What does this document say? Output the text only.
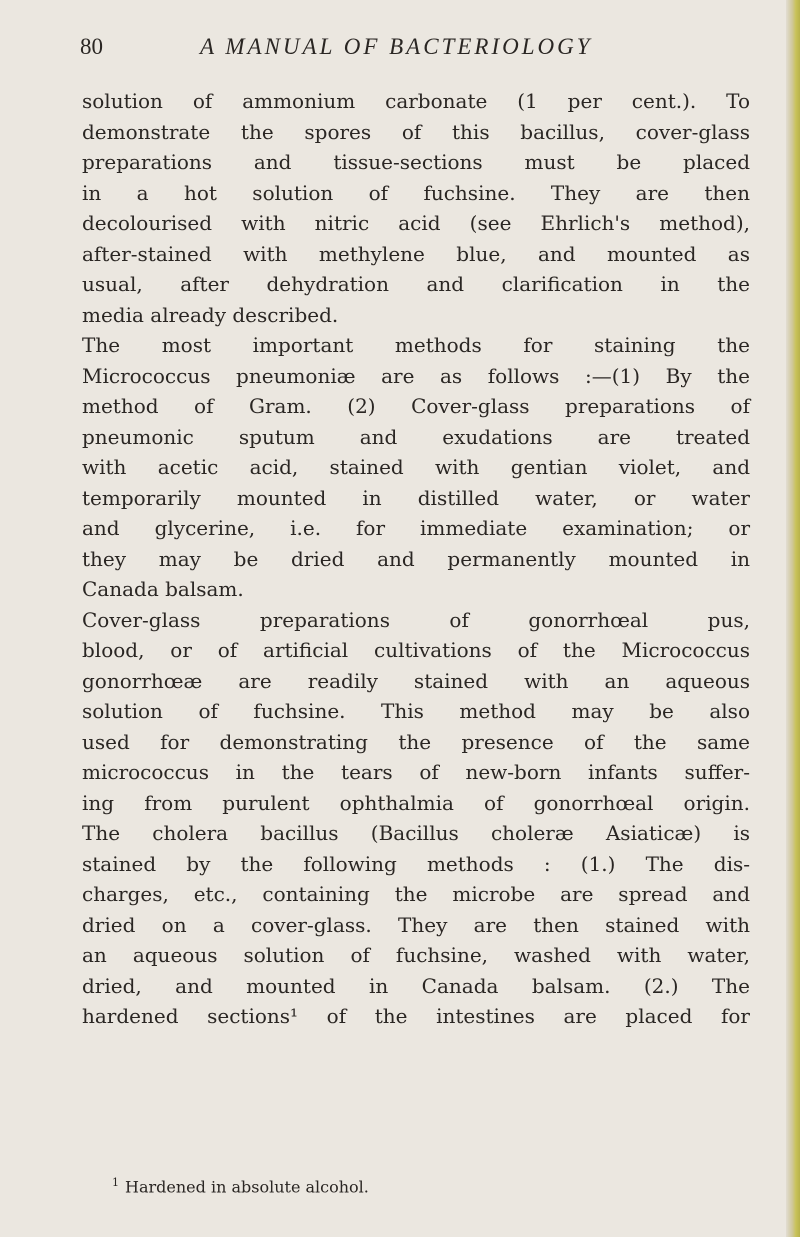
80	A MANUAL OF BACTERIOLOGY
solution of ammonium carbonate (1 per cent.). To
demonstrate the spores of this bacillus, cover-glass
preparations and tissue-sections must be placed
in a hot solution of fuchsine. They are then
decolourised with nitric acid (see Ehrlich's method),
after-stained with methylene blue, and mounted as
usual, after dehydration and clarification in the
media already described.
The most important methods for staining the
Micrococcus pneumoniæ are as follows :—(1) By the
method of Gram. (2) Cover-glass preparations of
pneumonic sputum and exudations are treated
with acetic acid, stained with gentian violet, and
temporarily mounted in distilled water, or water
and glycerine, i.e. for immediate examination; or
they may be dried and permanently mounted in
Canada balsam.
Cover-glass preparations of gonorrhœal pus,
blood, or of artificial cultivations of the Micrococcus
gonorrhœæ are readily stained with an aqueous
solution of fuchsine. This method may be also
used for demonstrating the presence of the same
micrococcus in the tears of new-born infants suffer-
ing from purulent ophthalmia of gonorrhœal origin.
The cholera bacillus (Bacillus choleræ Asiaticæ) is
stained by the following methods : (1.) The dis-
charges, etc., containing the microbe are spread and
dried on a cover-glass. They are then stained with
an aqueous solution of fuchsine, washed with water,
dried, and mounted in Canada balsam. (2.) The
hardened sections¹ of the intestines are placed for
$^1$ Hardened in absolute alcohol.
